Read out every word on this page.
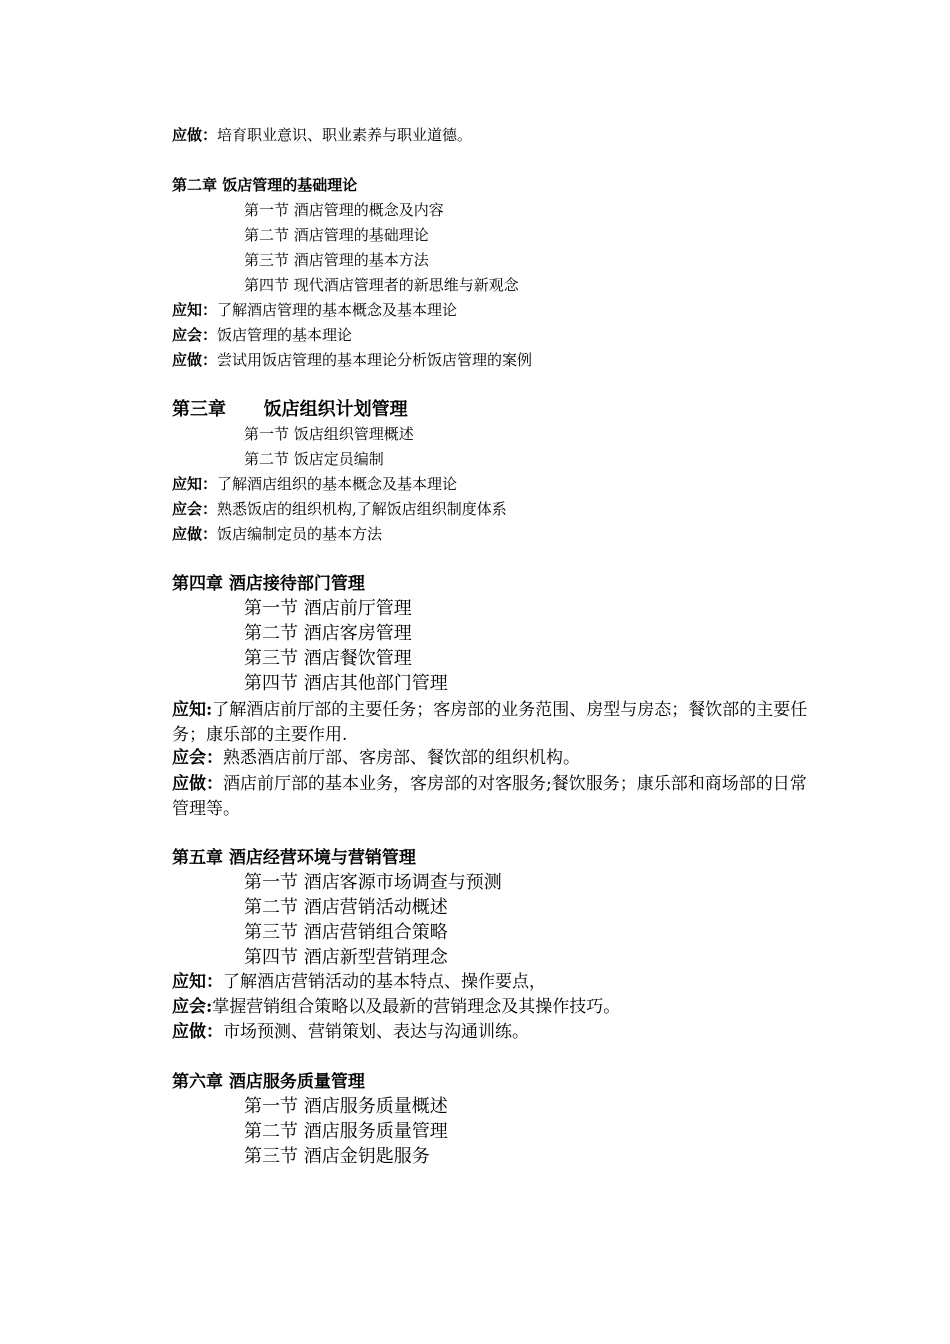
应做：培育职业意识、职业素养与职业道德。
第二章 饭店管理的基础理论
第一节 酒店管理的概念及内容
第二节 酒店管理的基础理论
第三节 酒店管理的基本方法
第四节 现代酒店管理者的新思维与新观念
应知：了解酒店管理的基本概念及基本理论
应会：饭店管理的基本理论
应做：尝试用饭店管理的基本理论分析饭店管理的案例
第三章      饭店组织计划管理
第一节 饭店组织管理概述
第二节 饭店定员编制
应知：了解酒店组织的基本概念及基本理论
应会：熟悉饭店的组织机构,了解饭店组织制度体系
应做：饭店编制定员的基本方法
第四章 酒店接待部门管理
第一节 酒店前厅管理
第二节 酒店客房管理
第三节 酒店餐饮管理
第四节 酒店其他部门管理
应知:了解酒店前厅部的主要任务；客房部的业务范围、房型与房态；餐饮部的主要任务；康乐部的主要作用.
应会：熟悉酒店前厅部、客房部、餐饮部的组织机构。
应做：酒店前厅部的基本业务，客房部的对客服务;餐饮服务；康乐部和商场部的日常管理等。
第五章 酒店经营环境与营销管理
第一节 酒店客源市场调查与预测
第二节 酒店营销活动概述
第三节 酒店营销组合策略
第四节 酒店新型营销理念
应知：了解酒店营销活动的基本特点、操作要点，
应会:掌握营销组合策略以及最新的营销理念及其操作技巧。
应做：市场预测、营销策划、表达与沟通训练。
第六章 酒店服务质量管理
第一节 酒店服务质量概述
第二节 酒店服务质量管理
第三节 酒店金钥匙服务
